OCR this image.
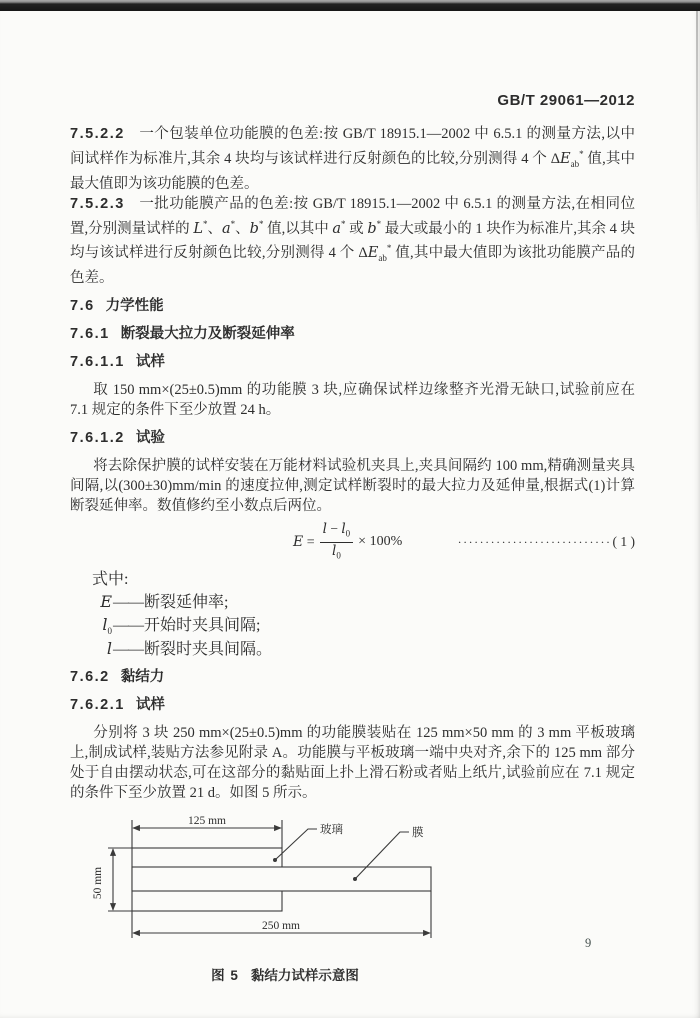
GB/T 29061—2012

7.5.2.2 一个包装单位功能膜的色差:按 GB/T 18915.1—2002 中 6.5.1 的测量方法,以中间试样作为标准片,其余 4 块均与该试样进行反射颜色的比较,分别测得 4 个 $\Delta E_{ab}^*$ 值,其中最大值即为该功能膜的色差。

7.5.2.3 一批功能膜产品的色差:按 GB/T 18915.1—2002 中 6.5.1 的测量方法,在相同位置,分别测量试样的 L*、a*、b* 值,以其中 a* 或 b* 最大或最小的 1 块作为标准片,其余 4 块均与该试样进行反射颜色比较,分别测得 4 个 $\Delta E_{ab}^*$ 值,其中最大值即为该批功能膜产品的色差。

7.6 力学性能

7.6.1 断裂最大拉力及断裂延伸率

7.6.1.1 试样

取 150 mm×(25±0.5)mm 的功能膜 3 块,应确保试样边缘整齐光滑无缺口,试验前应在 7.1 规定的条件下至少放置 24 h。

7.6.1.2 试验

将去除保护膜的试样安装在万能材料试验机夹具上,夹具间隔约 100 mm,精确测量夹具间隔,以(300±30)mm/min 的速度拉伸,测定试样断裂时的最大拉力及延伸量,根据式(1)计算断裂延伸率。数值修约至小数点后两位。

$E = \frac{l - l_0}{l_0} \times 100\%$	···························· ( 1 )
式中:
E——断裂延伸率;
$l_0——$开始时夹具间隔;
l——断裂时夹具间隔。

7.6.2 黏结力

7.6.2.1 试样

分别将 3 块 250 mm×(25±0.5)mm 的功能膜装贴在 125 mm×50 mm 的 3 mm 平板玻璃上,制成试样,装贴方法参见附录 A。功能膜与平板玻璃一端中央对齐,余下的 125 mm 部分处于自由摆动状态,可在这部分的黏贴面上扑上滑石粉或者贴上纸片,试验前应在 7.1 规定的条件下至少放置 21 d。如图 5 所示。

125 mm
250 mm
50 mm
玻璃	膜
图 5 黏结力试样示意图
9
